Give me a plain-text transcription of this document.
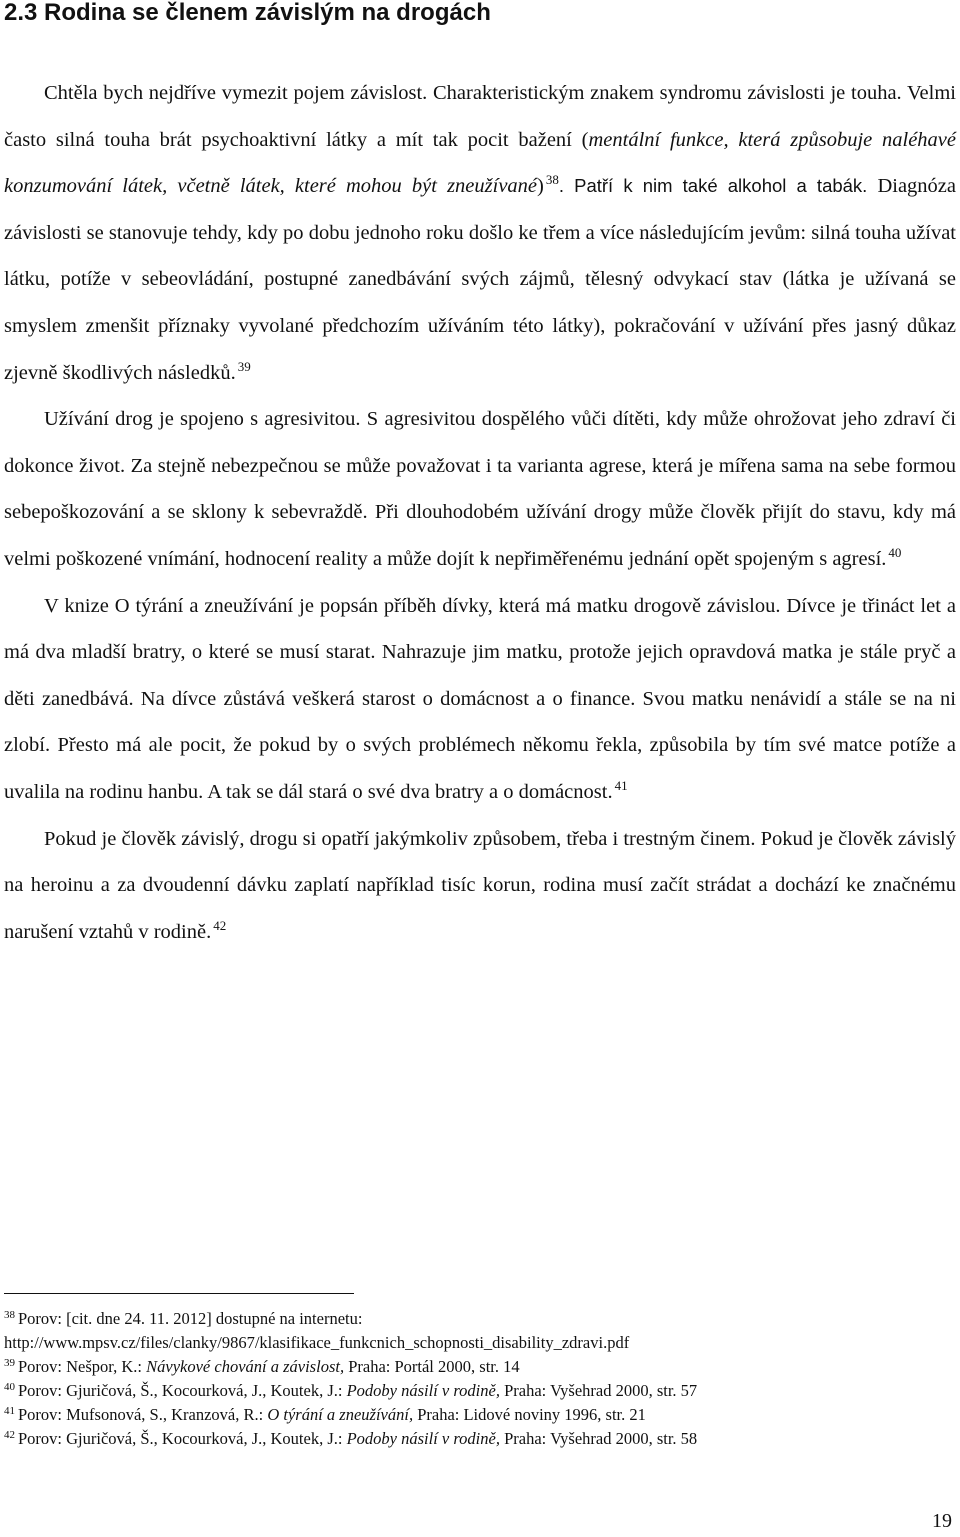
2.3 Rodina se členem závislým na drogách

Chtěla bych nejdříve vymezit pojem závislost. Charakteristickým znakem syndromu závislosti je touha. Velmi často silná touha brát psychoaktivní látky a mít tak pocit bažení (mentální funkce, která způsobuje naléhavé konzumování látek, včetně látek, které mohou být zneužívané) $^{38}$. Patří k nim také alkohol a tabák. Diagnóza závislosti se stanovuje tehdy, kdy po dobu jednoho roku došlo ke třem a více následujícím jevům: silná touha užívat látku, potíže v sebeovládání, postupné zanedbávání svých zájmů, tělesný odvykací stav (látka je užívaná se smyslem zmenšit příznaky vyvolané předchozím užíváním této látky), pokračování v užívání přes jasný důkaz zjevně škodlivých následků. $^{39}$

Užívání drog je spojeno s agresivitou. S agresivitou dospělého vůči dítěti, kdy může ohrožovat jeho zdraví či dokonce život. Za stejně nebezpečnou se může považovat i ta varianta agrese, která je mířena sama na sebe formou sebepoškozování a se sklony k sebevraždě. Při dlouhodobém užívání drogy může člověk přijít do stavu, kdy má velmi poškozené vnímání, hodnocení reality a může dojít k nepřiměřenému jednání opět spojeným s agresí. $^{40}$

V knize O týrání a zneužívání je popsán příběh dívky, která má matku drogově závislou. Dívce je třináct let a má dva mladší bratry, o které se musí starat. Nahrazuje jim matku, protože jejich opravdová matka je stále pryč a děti zanedbává. Na dívce zůstává veškerá starost o domácnost a o finance. Svou matku nenávidí a stále se na ni zlobí. Přesto má ale pocit, že pokud by o svých problémech někomu řekla, způsobila by tím své matce potíže a uvalila na rodinu hanbu. A tak se dál stará o své dva bratry a o domácnost. $^{41}$

Pokud je člověk závislý, drogu si opatří jakýmkoliv způsobem, třeba i trestným činem. Pokud je člověk závislý na heroinu a za dvoudenní dávku zaplatí například tisíc korun, rodina musí začít strádat a dochází ke značnému narušení vztahů v rodině. $^{42}$

$^{38}$ Porov: [cit. dne 24. 11. 2012] dostupné na internetu:

http://www.mpsv.cz/files/clanky/9867/klasifikace_funkcnich_schopnosti_disability_zdravi.pdf

$^{39}$ Porov: Nešpor, K.: Návykové chování a závislost, Praha: Portál 2000, str. 14

$^{40}$ Porov: Gjuričová, Š., Kocourková, J., Koutek, J.: Podoby násilí v rodině, Praha: Vyšehrad 2000, str. 57

$^{41}$ Porov: Mufsonová, S., Kranzová, R.: O týrání a zneužívání, Praha: Lidové noviny 1996, str. 21

$^{42}$ Porov: Gjuričová, Š., Kocourková, J., Koutek, J.: Podoby násilí v rodině, Praha: Vyšehrad 2000, str. 58

19
